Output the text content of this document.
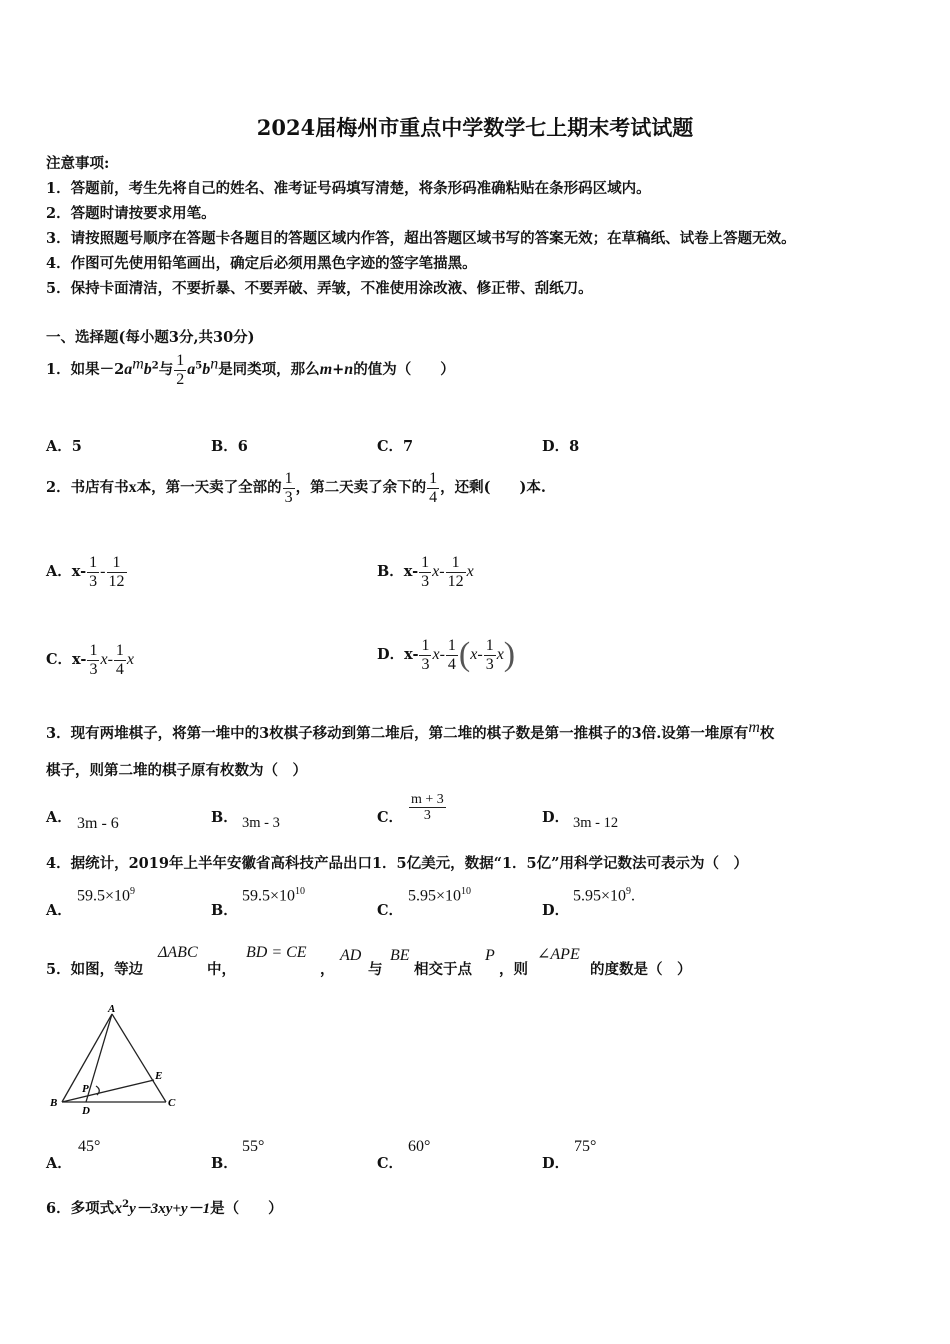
2024届梅州市重点中学数学七上期末考试试题
注意事项:
1．答题前，考生先将自己的姓名、准考证号码填写清楚，将条形码准确粘贴在条形码区域内。
2．答题时请按要求用笔。
3．请按照题号顺序在答题卡各题目的答题区域内作答，超出答题区域书写的答案无效；在草稿纸、试卷上答题无效。
4．作图可先使用铅笔画出，确定后必须用黑色字迹的签字笔描黑。
5．保持卡面清洁，不要折暴、不要弄破、弄皱，不准使用涂改液、修正带、刮纸刀。
一、选择题(每小题3分,共30分)
1．如果$-2a^mb^2$与 $\frac{1}{2} a^5b^n$是同类项，那么m+n的值为（　　）
A．5	B．6	C．7	D．8
2．书店有书x本，第一天卖了全部的 $\frac{1}{3}$ ，第二天卖了余下的 $\frac{1}{4}$ ，还剩(　　)本.
A．$x- \frac{1}{3} - \frac{1}{12}$	B．$x- \frac{1}{3} x- \frac{1}{12}$ x
C．$x- \frac{1}{3} x- \frac{1}{4}$ x	D．$x- \frac{1}{3} x- \frac{1}{4} (x- \frac{1}{3} x)$
3．现有两堆棋子，将第一堆中的3枚棋子移动到第二堆后，第二堆的棋子数是第一推棋子的3倍.设第一堆原有m枚
棋子，则第二堆的棋子原有枚数为（　）
A． 3m - 6	B． 3m - 3	C． $\frac{m + 3}{3}$	D． 3m - 12
4．据统计，2019年上半年安徽省高科技产品出口1．5亿美元，数据“1．5亿”用科学记数法可表示为（　）
A．
$59.5\times 10^9$
B．
$59.5\times 10^{10}$
C．
$5.95\times 10^{10}$
D．
$5.95\times 10^9$.
5．如图，等边
ΔABC
中，
BD = CE
，
AD
与
BE
相交于点
P
，则
∠APE
的度数是（　）
A
B	C
D
E
P
A．
45°
B．
55°
C．
60°
D．
75°
6．多项式$x^2y-3xy+y-1$是（　　）
